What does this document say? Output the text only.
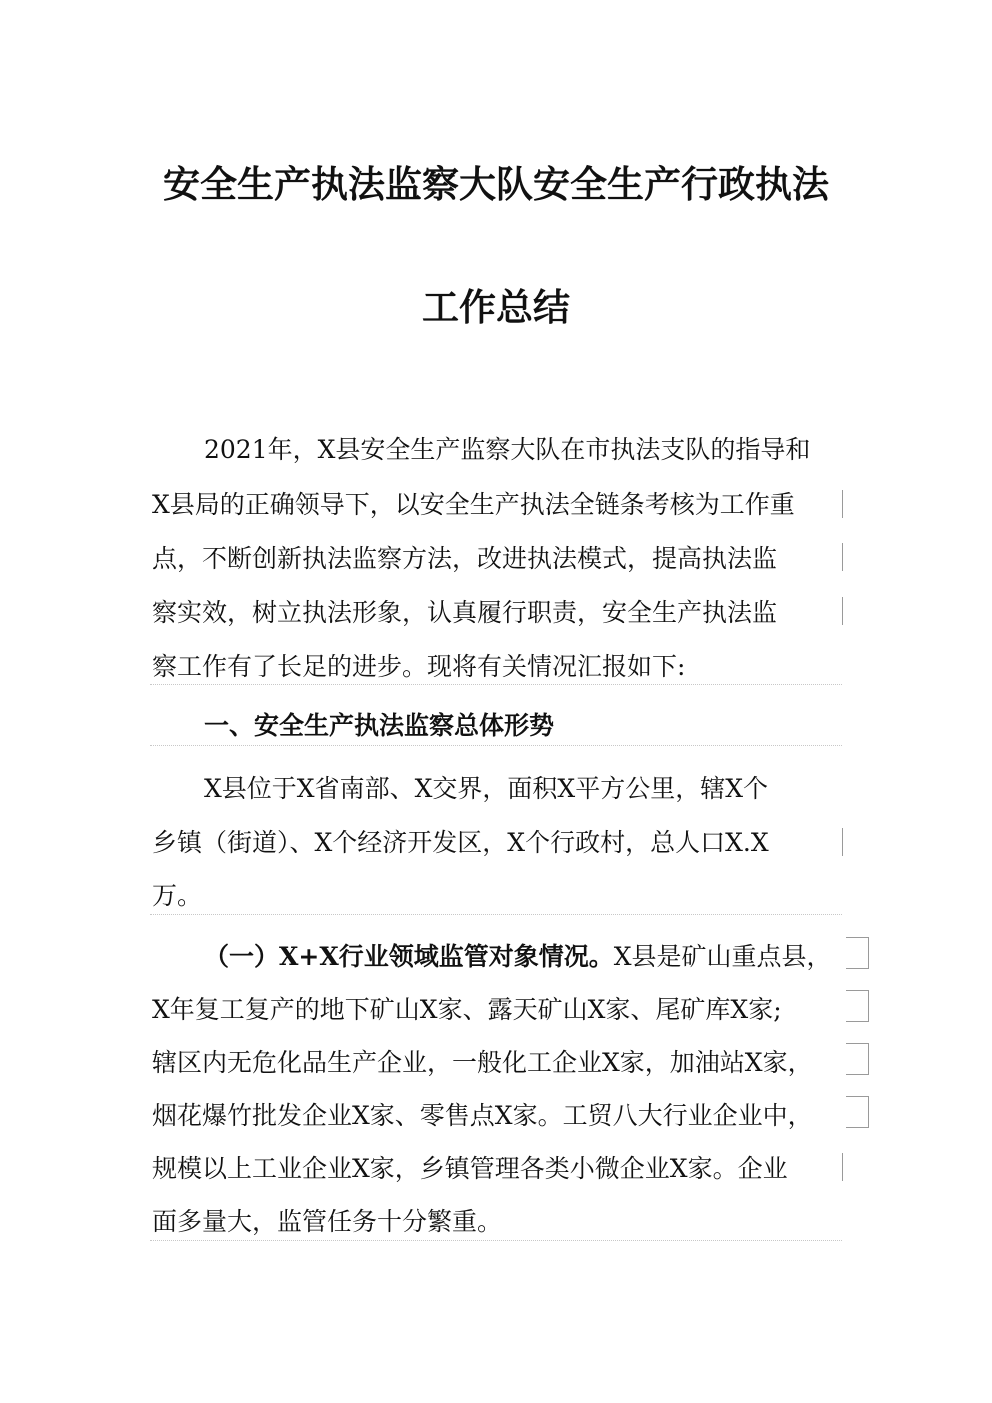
安全生产执法监察大队安全生产行政执法
工作总结
2021年，X县安全生产监察大队在市执法支队的指导和
X县局的正确领导下，以安全生产执法全链条考核为工作重
点，不断创新执法监察方法，改进执法模式，提高执法监
察实效，树立执法形象，认真履行职责，安全生产执法监
察工作有了长足的进步。现将有关情况汇报如下:
一、安全生产执法监察总体形势
X县位于X省南部、X交界，面积X平方公里，辖X个
乡镇（街道）、X个经济开发区，X个行政村，总人口X.X
万。
（一）X+X行业领域监管对象情况。X县是矿山重点县，
X年复工复产的地下矿山X家、露天矿山X家、尾矿库X家;
辖区内无危化品生产企业，一般化工企业X家，加油站X家，
烟花爆竹批发企业X家、零售点X家。工贸八大行业企业中，
规模以上工业企业X家，乡镇管理各类小微企业X家。企业
面多量大，监管任务十分繁重。
